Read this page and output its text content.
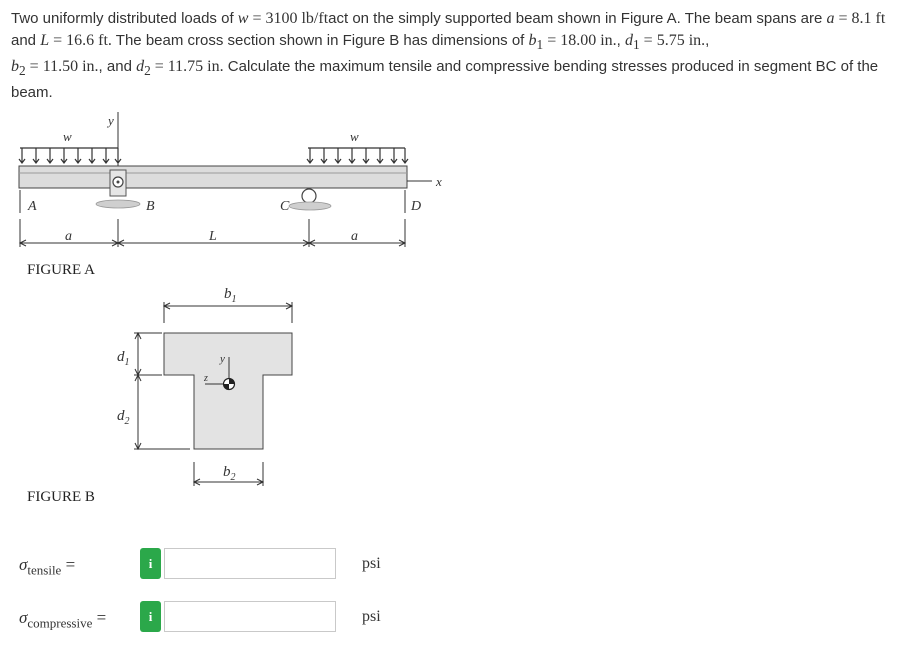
Two uniformly distributed loads of w = 3100 lb/ftact on the simply supported beam shown in Figure A. The beam spans are a = 8.1 ft and L = 16.6 ft. The beam cross section shown in Figure B has dimensions of $b_1 = 18.00$ in., $d_1 = 5.75$ in.,
$b_2 = 11.50$ in., and $d_2 = 11.75$ in. Calculate the maximum tensile and compressive bending stresses produced in segment BC of the beam.
y
w	w
x
A	B	C	D
a	L	a
$b_1$
y
z
$d_1$
$d_2$
$b_2$
FIGURE A
FIGURE B
$\sigma_{tensile}$ =	i	psi
$\sigma_{compressive}$ =	i	psi
